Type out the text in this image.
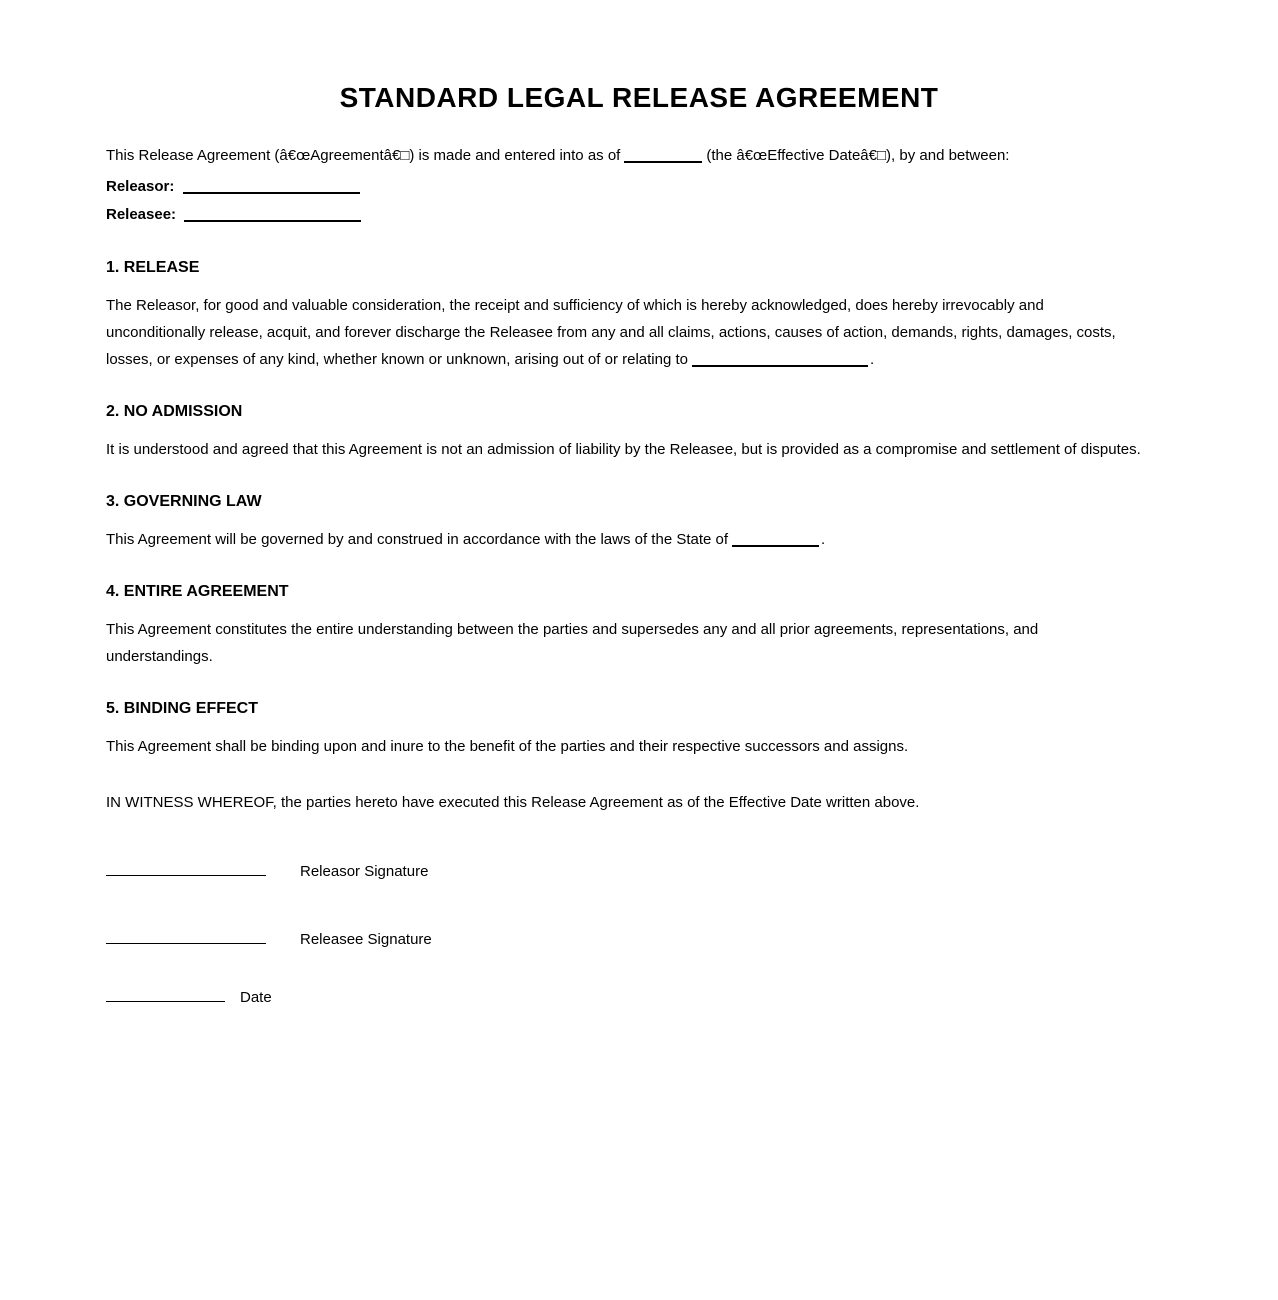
STANDARD LEGAL RELEASE AGREEMENT

This Release Agreement (â€œAgreementâ€□) is made and entered into as of	(the â€œEffective Dateâ€□), by and between:

Releasor:
Releasee:
1. RELEASE

The Releasor, for good and valuable consideration, the receipt and sufficiency of which is hereby acknowledged, does hereby irrevocably and unconditionally release, acquit, and forever discharge the Releasee from any and all claims, actions, causes of action, demands, rights, damages, costs, losses, or expenses of any kind, whether known or unknown, arising out of or relating to	.

2. NO ADMISSION

It is understood and agreed that this Agreement is not an admission of liability by the Releasee, but is provided as a compromise and settlement of disputes.

3. GOVERNING LAW

This Agreement will be governed by and construed in accordance with the laws of the State of	.

4. ENTIRE AGREEMENT

This Agreement constitutes the entire understanding between the parties and supersedes any and all prior agreements, representations, and understandings.

5. BINDING EFFECT

This Agreement shall be binding upon and inure to the benefit of the parties and their respective successors and assigns.

IN WITNESS WHEREOF, the parties hereto have executed this Release Agreement as of the Effective Date written above.

Releasor Signature
Releasee Signature
Date
